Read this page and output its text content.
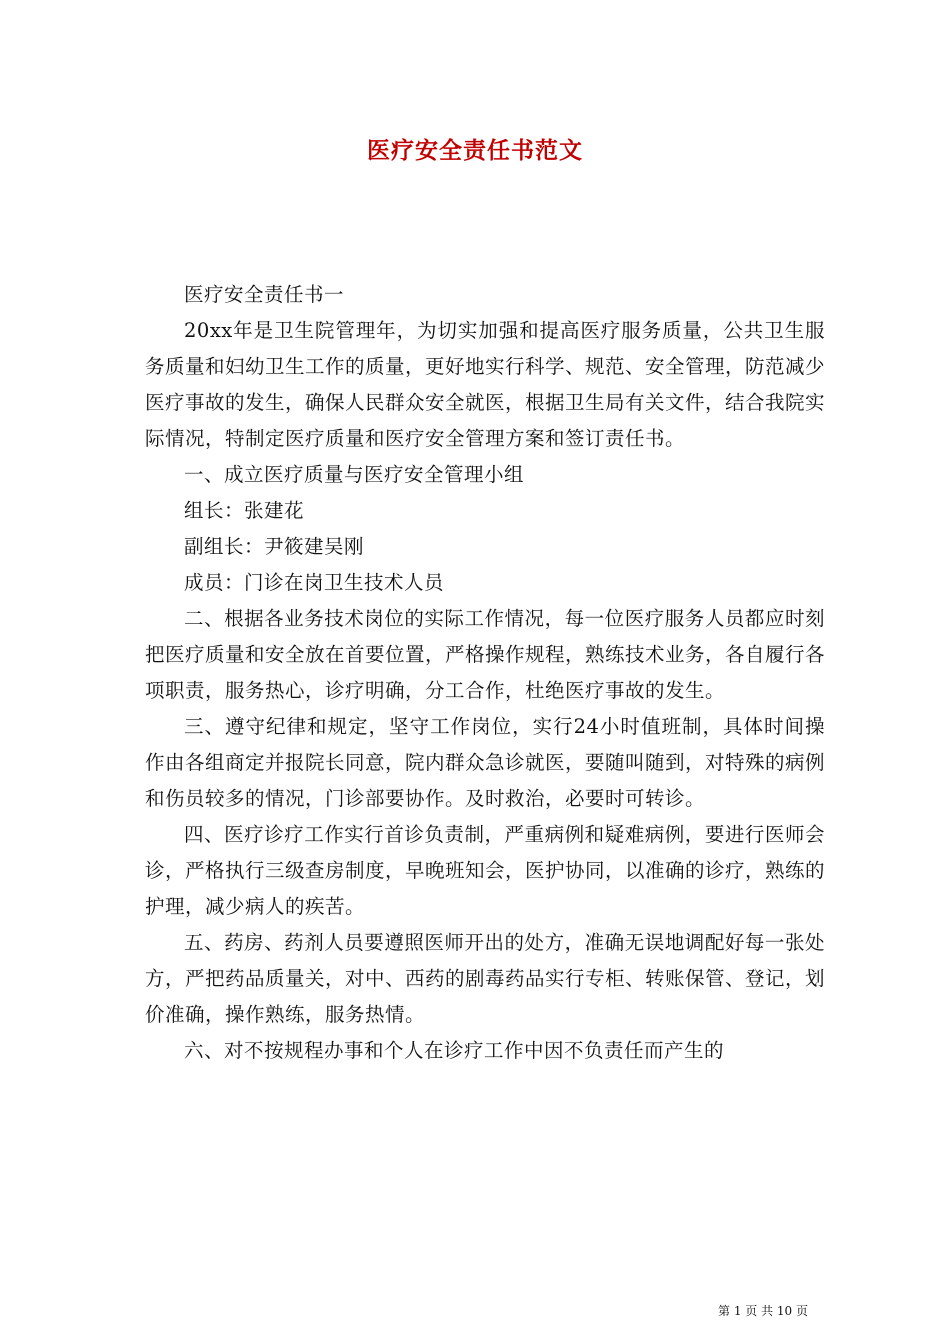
医疗安全责任书范文

医疗安全责任书一

20xx年是卫生院管理年，为切实加强和提高医疗服务质量，公共卫生服务质量和妇幼卫生工作的质量，更好地实行科学、规范、安全管理，防范减少医疗事故的发生，确保人民群众安全就医，根据卫生局有关文件，结合我院实际情况，特制定医疗质量和医疗安全管理方案和签订责任书。

一、成立医疗质量与医疗安全管理小组

组长：张建花

副组长：尹筱建吴刚

成员：门诊在岗卫生技术人员

二、根据各业务技术岗位的实际工作情况，每一位医疗服务人员都应时刻把医疗质量和安全放在首要位置，严格操作规程，熟练技术业务，各自履行各项职责，服务热心，诊疗明确，分工合作，杜绝医疗事故的发生。

三、遵守纪律和规定，坚守工作岗位，实行24小时值班制，具体时间操作由各组商定并报院长同意，院内群众急诊就医，要随叫随到，对特殊的病例和伤员较多的情况，门诊部要协作。及时救治，必要时可转诊。

四、医疗诊疗工作实行首诊负责制，严重病例和疑难病例，要进行医师会诊，严格执行三级查房制度，早晚班知会，医护协同，以准确的诊疗，熟练的护理，减少病人的疾苦。

五、药房、药剂人员要遵照医师开出的处方，准确无误地调配好每一张处方，严把药品质量关，对中、西药的剧毒药品实行专柜、转账保管、登记，划价准确，操作熟练，服务热情。

六、对不按规程办事和个人在诊疗工作中因不负责任而产生的

第 1 页 共 10 页
